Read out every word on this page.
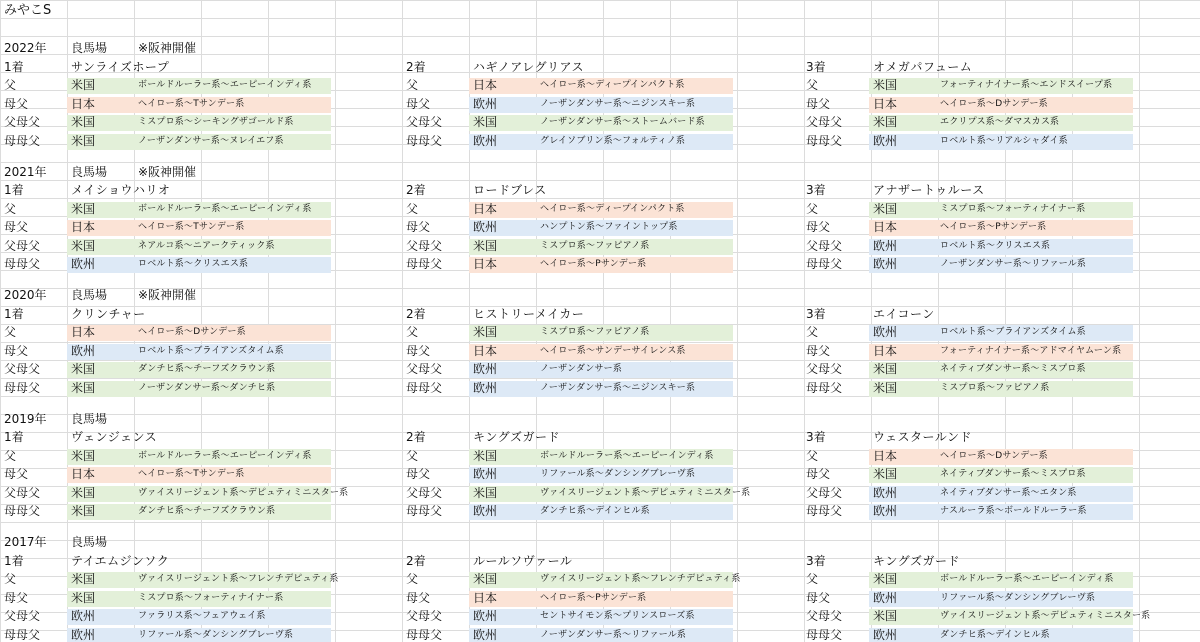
みやこS
2022年 良馬場	※阪神開催
1着	サンライズホープ
父	米国	ボールドルーラー系〜エーピーインディ系
母父	日本	ヘイロー系〜Tサンデー系
父母父	米国	ミスプロ系〜シーキングザゴールド系
母母父	米国	ノーザンダンサー系〜ヌレイエフ系
2着	ハギノアレグリアス
父	日本	ヘイロー系〜ディープインパクト系
母父	欧州	ノーザンダンサー系〜ニジンスキー系
父母父	米国	ノーザンダンサー系〜ストームバード系
母母父	欧州	グレイソブリン系〜フォルティノ系
3着	オメガパフューム
父	米国	フォーティナイナー系〜エンドスイープ系
母父	日本	ヘイロー系〜Dサンデー系
父母父	米国	エクリプス系〜ダマスカス系
母母父	欧州	ロベルト系〜リアルシャダイ系
2021年 良馬場	※阪神開催
1着	メイショウハリオ
父	米国	ボールドルーラー系〜エーピーインディ系
母父	日本	ヘイロー系〜Tサンデー系
父母父	米国	ネアルコ系〜ニアークティック系
母母父	欧州	ロベルト系〜クリスエス系
2着	ロードブレス
父	日本	ヘイロー系〜ディープインパクト系
母父	欧州	ハンプトン系〜ファイントップ系
父母父	米国	ミスプロ系〜ファピアノ系
母母父	日本	ヘイロー系〜Pサンデー系
3着	アナザートゥルース
父	米国	ミスプロ系〜フォーティナイナー系
母父	日本	ヘイロー系〜Pサンデー系
父母父	欧州	ロベルト系〜クリスエス系
母母父	欧州	ノーザンダンサー系〜リファール系
2020年 良馬場	※阪神開催
1着	クリンチャー
父	日本	ヘイロー系〜Dサンデー系
母父	欧州	ロベルト系〜ブライアンズタイム系
父母父	米国	ダンチヒ系〜チーフズクラウン系
母母父	米国	ノーザンダンサー系〜ダンチヒ系
2着	ヒストリーメイカー
父	米国	ミスプロ系〜ファピアノ系
母父	日本	ヘイロー系〜サンデーサイレンス系
父母父	欧州	ノーザンダンサー系
母母父	欧州	ノーザンダンサー系〜ニジンスキー系
3着	エイコーン
父	欧州	ロベルト系〜ブライアンズタイム系
母父	日本	フォーティナイナー系〜アドマイヤムーン系
父母父	米国	ネイティブダンサー系〜ミスプロ系
母母父	米国	ミスプロ系〜ファピアノ系
2019年 良馬場
1着	ヴェンジェンス
父	米国	ボールドルーラー系〜エーピーインディ系
母父	日本	ヘイロー系〜Tサンデー系
父母父	米国	ヴァイスリージェント系〜デピュティミニスター系
母母父	米国	ダンチヒ系〜チーフズクラウン系
2着	キングズガード
父	米国	ボールドルーラー系〜エーピーインディ系
母父	欧州	リファール系〜ダンシングブレーヴ系
父母父	米国	ヴァイスリージェント系〜デピュティミニスター系
母母父	欧州	ダンチヒ系〜デインヒル系
3着	ウェスタールンド
父	日本	ヘイロー系〜Dサンデー系
母父	米国	ネイティブダンサー系〜ミスプロ系
父母父	欧州	ネイティブダンサー系〜エタン系
母母父	欧州	ナスルーラ系〜ボールドルーラー系
2017年 良馬場
1着	テイエムジンソク
父	米国	ヴァイスリージェント系〜フレンチデピュティ系
母父	米国	ミスプロ系〜フォーティナイナー系
父母父	欧州	ファラリス系〜フェアウェイ系
母母父	欧州	リファール系〜ダンシングブレーヴ系
2着	ルールソヴァール
父	米国	ヴァイスリージェント系〜フレンチデピュティ系
母父	日本	ヘイロー系〜Pサンデー系
父母父	欧州	セントサイモン系〜プリンスローズ系
母母父	欧州	ノーザンダンサー系〜リファール系
3着	キングズガード
父	米国	ボールドルーラー系〜エーピーインディ系
母父	欧州	リファール系〜ダンシングブレーヴ系
父母父	米国	ヴァイスリージェント系〜デピュティミニスター系
母母父	欧州	ダンチヒ系〜デインヒル系
